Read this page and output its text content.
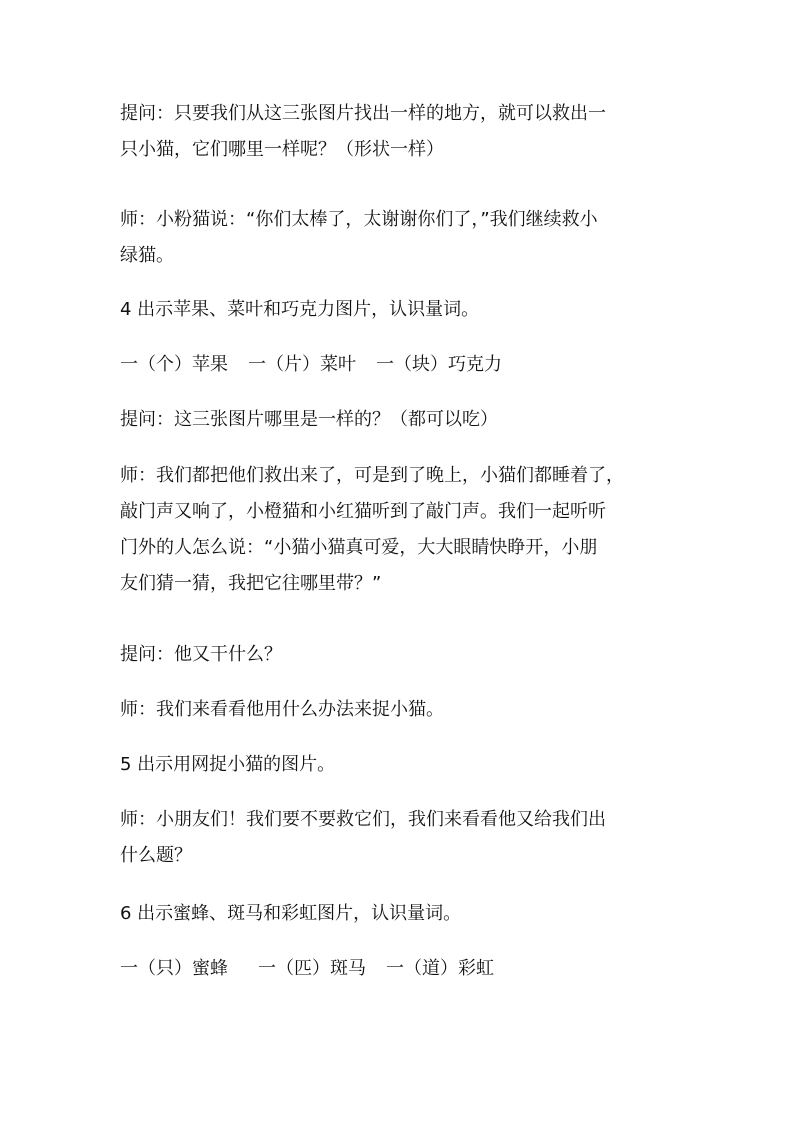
提问：只要我们从这三张图片找出一样的地方，就可以救出一
只小猫，它们哪里一样呢？（形状一样）

师：小粉猫说：“你们太棒了，太谢谢你们了，”我们继续救小
绿猫。

4 出示苹果、菜叶和巧克力图片，认识量词。

一（个）苹果 一（片）菜叶 一（块）巧克力

提问：这三张图片哪里是一样的？（都可以吃）

师：我们都把他们救出来了，可是到了晚上，小猫们都睡着了，
敲门声又响了，小橙猫和小红猫听到了敲门声。我们一起听听
门外的人怎么说：“小猫小猫真可爱，大大眼睛快睁开，小朋
友们猜一猜，我把它往哪里带？”

提问：他又干什么？

师：我们来看看他用什么办法来捉小猫。

5 出示用网捉小猫的图片。

师：小朋友们！我们要不要救它们，我们来看看他又给我们出
什么题？

6 出示蜜蜂、斑马和彩虹图片，认识量词。

一（只）蜜蜂 一（匹）斑马 一（道）彩虹
